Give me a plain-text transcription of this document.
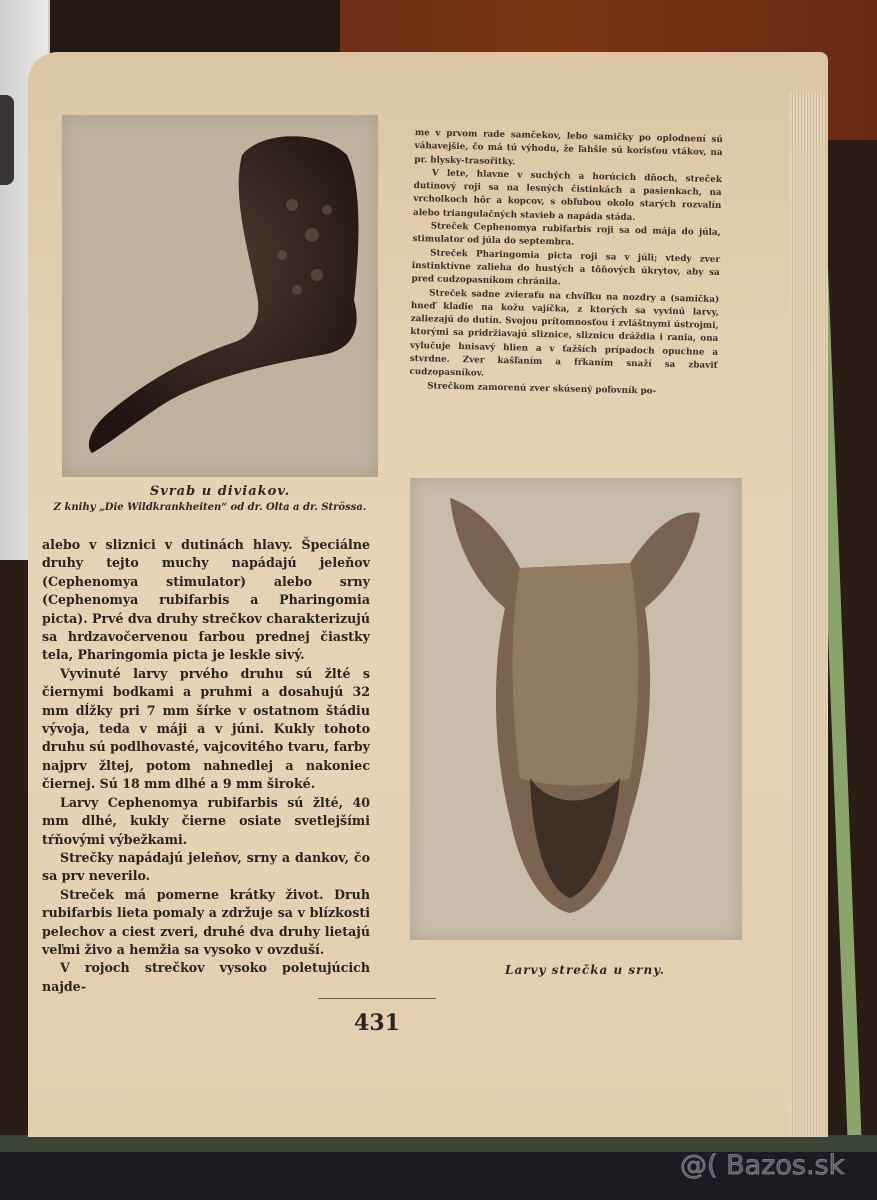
Svrab u diviakov.
Z knihy „Die Wildkrankheiten“ od dr. Olta a dr. Strössa.

me v prvom rade samčekov, lebo samičky po oplodnení sú váhavejšie, čo má tú výhodu, že ľahšie sú korisťou vtákov, na pr. blysky-trasořitky.

V lete, hlavne v suchých a horúcich dňoch, streček dutinový roji sa na lesných čistinkách a pasienkach, na vrcholkoch hôr a kopcov, s obľubou okolo starých rozvalín alebo triangulačných stavieb a napáda stáda.

Streček Cephenomya rubifarbis roji sa od mája do júla, stimulator od júla do septembra.

Streček Pharingomia picta roji sa v júli; vtedy zver instinktívne zalieha do hustých a tôňových úkrytov, aby sa pred cudzopasníkom chránila.

Streček sadne zvieraťu na chvíľku na nozdry a (samička) hneď kladie na kožu vajíčka, z ktorých sa vyvinú larvy, zaliezajú do dutín. Svojou prítomnosťou i zvláštnymi ústrojmi, ktorými sa pridržiavajú sliznice, sliznicu dráždia i rania, ona vylučuje hnisavý hlien a v ťažších prípadoch opuchne a stvrdne. Zver kašľaním a fŕkaním snaží sa zbaviť cudzopasníkov.

Strečkom zamorenú zver skúsený poľovník po-

Larvy strečka u srny.

alebo v sliznici v dutinách hlavy. Špeciálne druhy tejto muchy napádajú jeleňov (Cephenomya stimulator) alebo srny (Cephenomya rubifarbis a Pharingomia picta). Prvé dva druhy strečkov charakterizujú sa hrdzavočervenou farbou prednej čiastky tela, Pharingomia picta je leskle sivý.

Vyvinuté larvy prvého druhu sú žlté s čiernymi bodkami a pruhmi a dosahujú 32 mm dĺžky pri 7 mm šírke v ostatnom štádiu vývoja, teda v máji a v júni. Kukly tohoto druhu sú podlhovasté, vajcovitého tvaru, farby najprv žltej, potom nahnedlej a nakoniec čiernej. Sú 18 mm dlhé a 9 mm široké.

Larvy Cephenomya rubifarbis sú žlté, 40 mm dlhé, kukly čierne osiate svetlejšími tŕňovými výbežkami.

Strečky napádajú jeleňov, srny a dankov, čo sa prv neverilo.

Streček má pomerne krátky život. Druh rubifarbis lieta pomaly a zdržuje sa v blízkosti pelechov a ciest zveri, druhé dva druhy lietajú veľmi živo a hemžia sa vysoko v ovzduší.

V rojoch strečkov vysoko poletujúcich najde-

431
@( Bazos.sk
